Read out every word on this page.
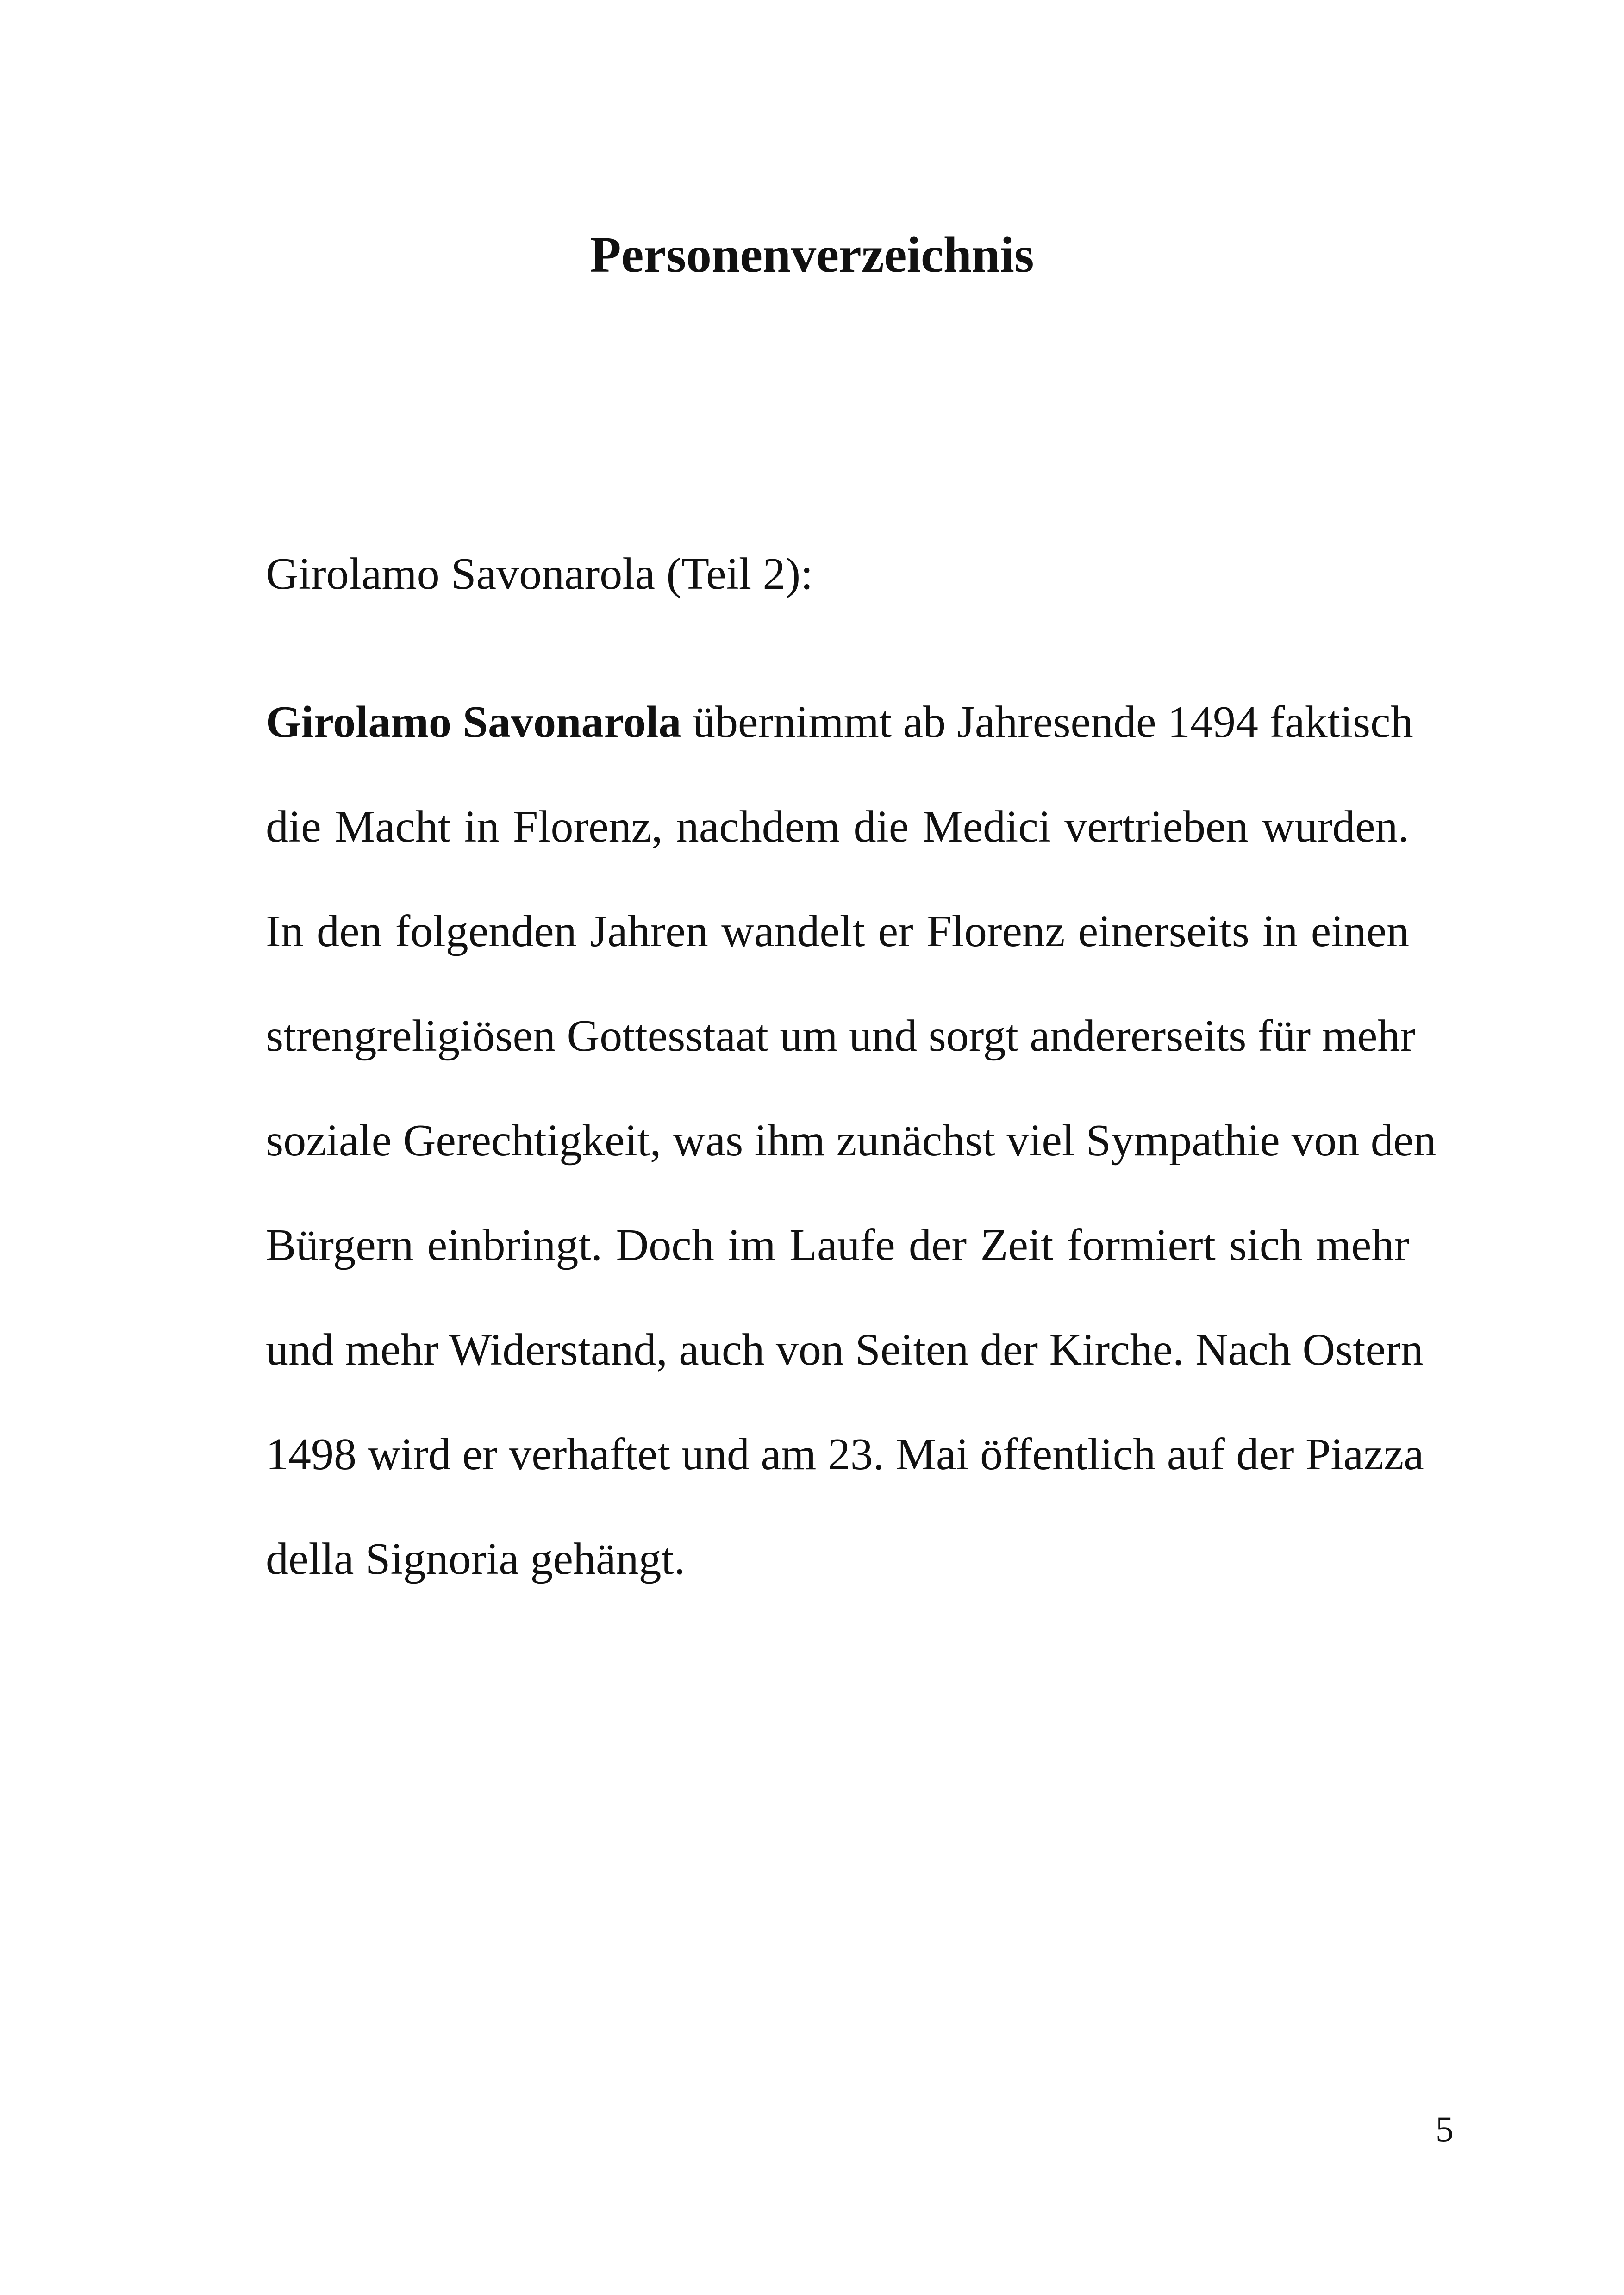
Personenverzeichnis

Girolamo Savonarola (Teil 2):

Girolamo Savonarola übernimmt ab Jahresende 1494 faktisch
die Macht in Florenz, nachdem die Medici vertrieben wurden.
In den folgenden Jahren wandelt er Florenz einerseits in einen
strengreligiösen Gottesstaat um und sorgt andererseits für mehr
soziale Gerechtigkeit, was ihm zunächst viel Sympathie von den
Bürgern einbringt. Doch im Laufe der Zeit formiert sich mehr
und mehr Widerstand, auch von Seiten der Kirche. Nach Ostern
1498 wird er verhaftet und am 23. Mai öffentlich auf der Piazza
della Signoria gehängt.

5
